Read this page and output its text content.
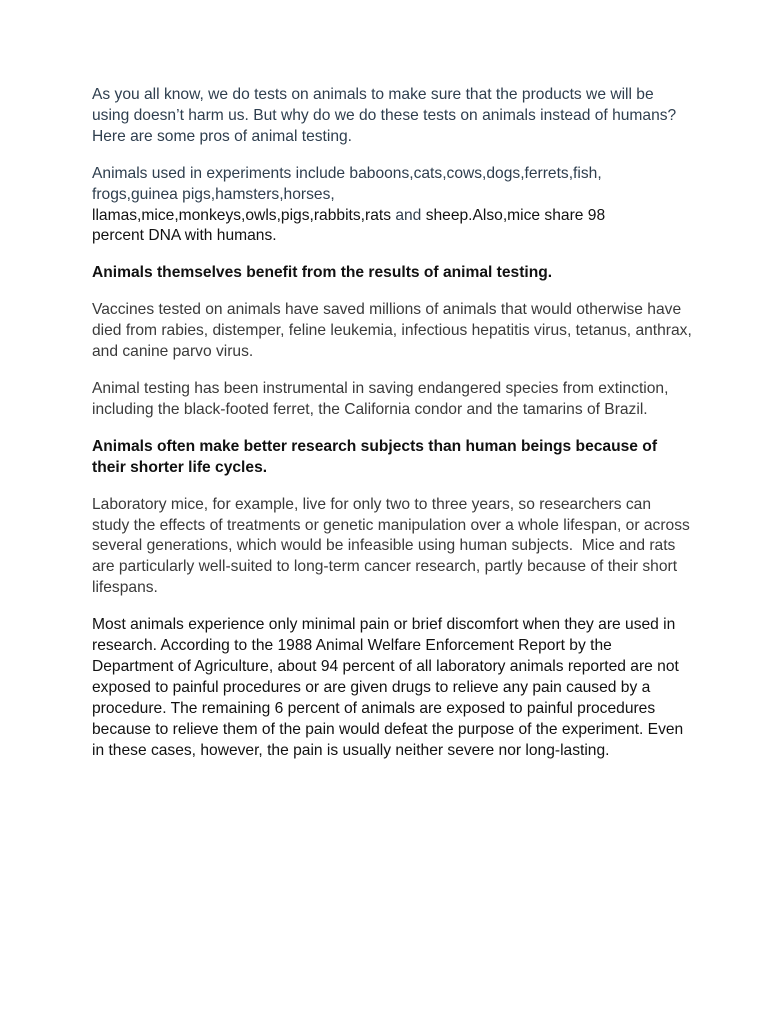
As you all know, we do tests on animals to make sure that the products we will be using doesn’t harm us. But why do we do these tests on animals instead of humans? Here are some pros of animal testing.

Animals used in experiments include baboons,cats,cows,dogs,ferrets,fish,
frogs,guinea pigs,hamsters,horses,
llamas,mice,monkeys,owls,pigs,rabbits,rats and sheep.Also,mice share 98
percent DNA with humans.

Animals themselves benefit from the results of animal testing.

Vaccines tested on animals have saved millions of animals that would otherwise have died from rabies, distemper, feline leukemia, infectious hepatitis virus, tetanus, anthrax, and canine parvo virus.

Animal testing has been instrumental in saving endangered species from extinction, including the black-footed ferret, the California condor and the tamarins of Brazil.

Animals often make better research subjects than human beings because of their shorter life cycles.

Laboratory mice, for example, live for only two to three years, so researchers can study the effects of treatments or genetic manipulation over a whole lifespan, or across several generations, which would be infeasible using human subjects.  Mice and rats are particularly well-suited to long-term cancer research, partly because of their short lifespans.

Most animals experience only minimal pain or brief discomfort when they are used in research. According to the 1988 Animal Welfare Enforcement Report by the Department of Agriculture, about 94 percent of all laboratory animals reported are not exposed to painful procedures or are given drugs to relieve any pain caused by a procedure. The remaining 6 percent of animals are exposed to painful procedures because to relieve them of the pain would defeat the purpose of the experiment. Even in these cases, however, the pain is usually neither severe nor long-lasting.
